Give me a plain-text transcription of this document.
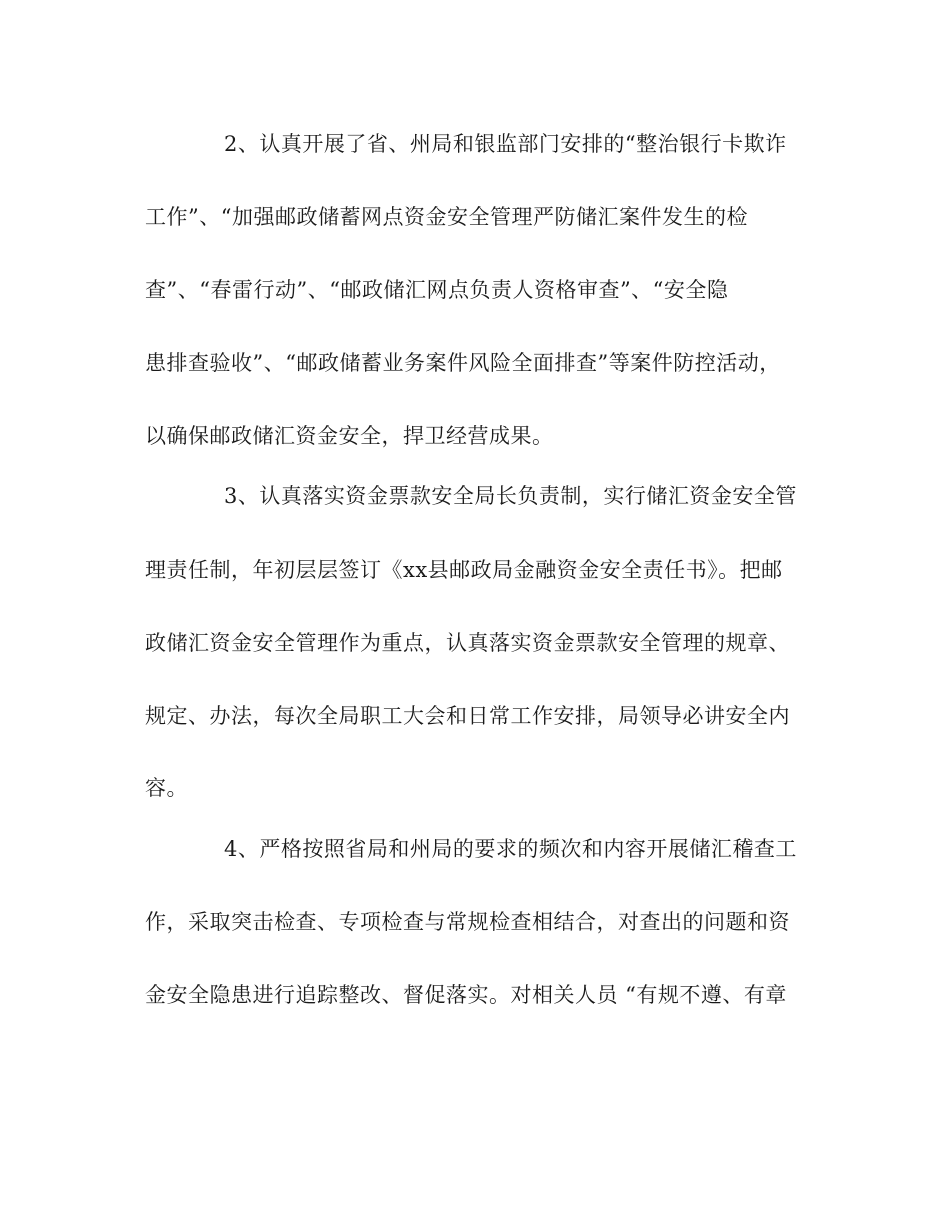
2、认真开展了省、州局和银监部门安排的“整治银行卡欺诈
工作”、“加强邮政储蓄网点资金安全管理严防储汇案件发生的检
查”、“春雷行动”、“邮政储汇网点负责人资格审查”、“安全隐
患排查验收”、“邮政储蓄业务案件风险全面排查”等案件防控活动，
以确保邮政储汇资金安全，捍卫经营成果。
3、认真落实资金票款安全局长负责制，实行储汇资金安全管
理责任制，年初层层签订《xx县邮政局金融资金安全责任书》。把邮
政储汇资金安全管理作为重点，认真落实资金票款安全管理的规章、
规定、办法，每次全局职工大会和日常工作安排，局领导必讲安全内
容。
4、严格按照省局和州局的要求的频次和内容开展储汇稽查工
作，采取突击检查、专项检查与常规检查相结合，对查出的问题和资
金安全隐患进行追踪整改、督促落实。对相关人员 “有规不遵、有章
